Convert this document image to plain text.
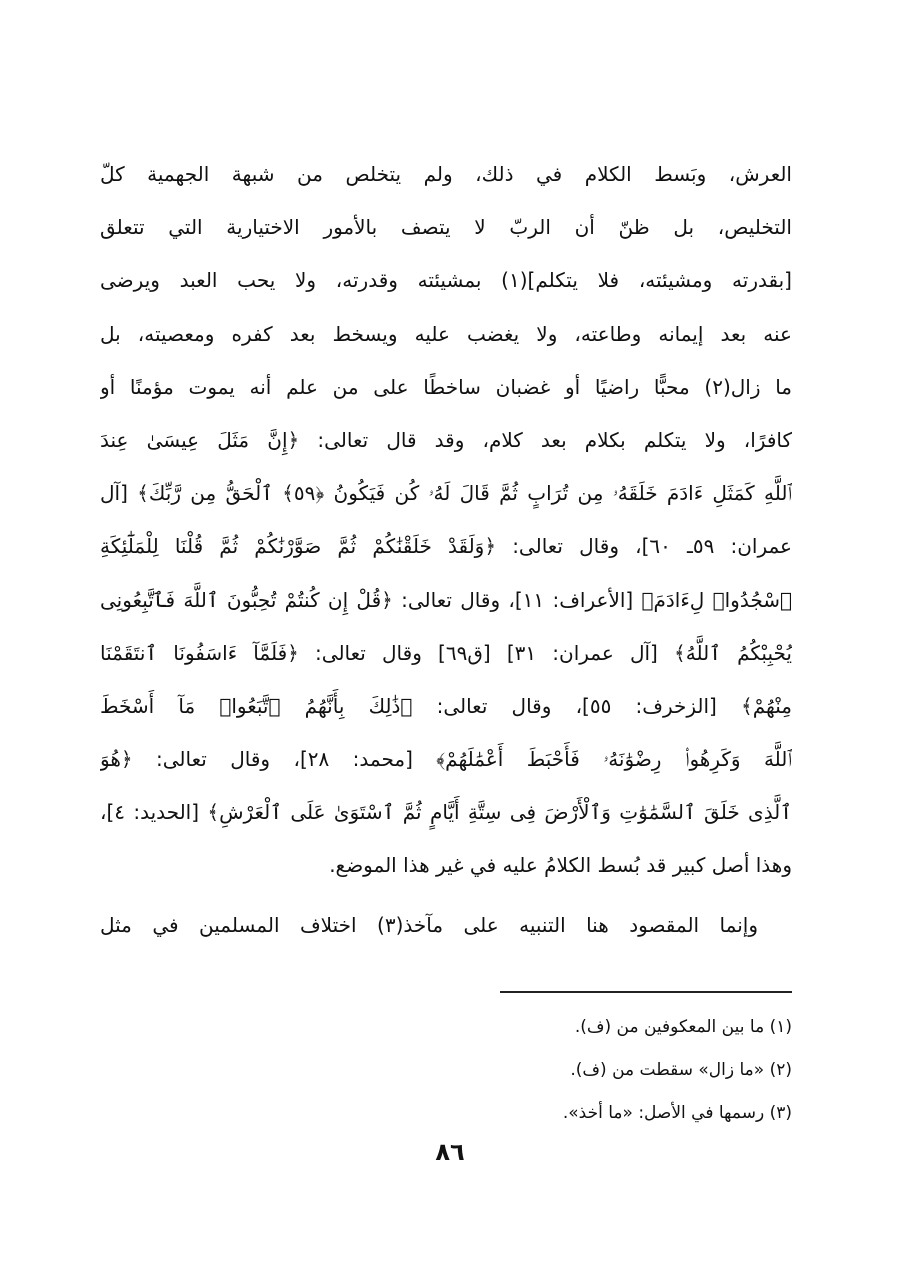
العرش، وبَسط الكلام في ذلك، ولم يتخلص من شبهة الجهمية كلّ
التخليص، بل ظنّ أن الربّ لا يتصف بالأمور الاختيارية التي تتعلق
[بقدرته ومشيئته، فلا يتكلم](١) بمشيئته وقدرته، ولا يحب العبد ويرضى
عنه بعد إيمانه وطاعته، ولا يغضب عليه ويسخط بعد كفره ومعصيته، بل
ما زال(٢) محبًّا راضيًا أو غضبان ساخطًا على من علم أنه يموت مؤمنًا أو
كافرًا، ولا يتكلم بكلام بعد كلام، وقد قال تعالى: ﴿إِنَّ مَثَلَ عِيسَىٰ عِندَ
ٱللَّهِ كَمَثَلِ ءَادَمَ خَلَقَهُۥ مِن تُرَابٍ ثُمَّ قَالَ لَهُۥ كُن فَيَكُونُ ﴿٥٩﴾ ٱلْحَقُّ مِن رَّبِّكَ﴾ [آل
عمران: ٥٩ـ ٦٠]، وقال تعالى: ﴿وَلَقَدْ خَلَقْنَٰكُمْ ثُمَّ صَوَّرْنَٰكُمْ ثُمَّ قُلْنَا لِلْمَلَٰٓئِكَةِ
ٱسْجُدُوا۟ لِءَادَمَ﴾ [الأعراف: ١١]، وقال تعالى: ﴿قُلْ إِن كُنتُمْ تُحِبُّونَ ٱللَّهَ فَٱتَّبِعُونِى
يُحْبِبْكُمُ ٱللَّهُ﴾ [آل عمران: ٣١] [ق٦٩] وقال تعالى: ﴿فَلَمَّآ ءَاسَفُونَا ٱنتَقَمْنَا
مِنْهُمْ﴾ [الزخرف: ٥٥]، وقال تعالى: ﴿ذَٰلِكَ بِأَنَّهُمُ ٱتَّبَعُوا۟ مَآ أَسْخَطَ
ٱللَّهَ وَكَرِهُوا۟ رِضْوَٰنَهُۥ فَأَحْبَطَ أَعْمَٰلَهُمْ﴾ [محمد: ٢٨]، وقال تعالى: ﴿هُوَ
ٱلَّذِى خَلَقَ ٱلسَّمَٰوَٰتِ وَٱلْأَرْضَ فِى سِتَّةِ أَيَّامٍ ثُمَّ ٱسْتَوَىٰ عَلَى ٱلْعَرْشِ﴾ [الحديد: ٤]،
وهذا أصل كبير قد بُسط الكلامُ عليه في غير هذا الموضع.
وإنما المقصود هنا التنبيه على مآخذ(٣) اختلاف المسلمين في مثل
(١) ما بين المعكوفين من (ف).
(٢) «ما زال» سقطت من (ف).
(٣) رسمها في الأصل: «ما أخذ».
٨٦
